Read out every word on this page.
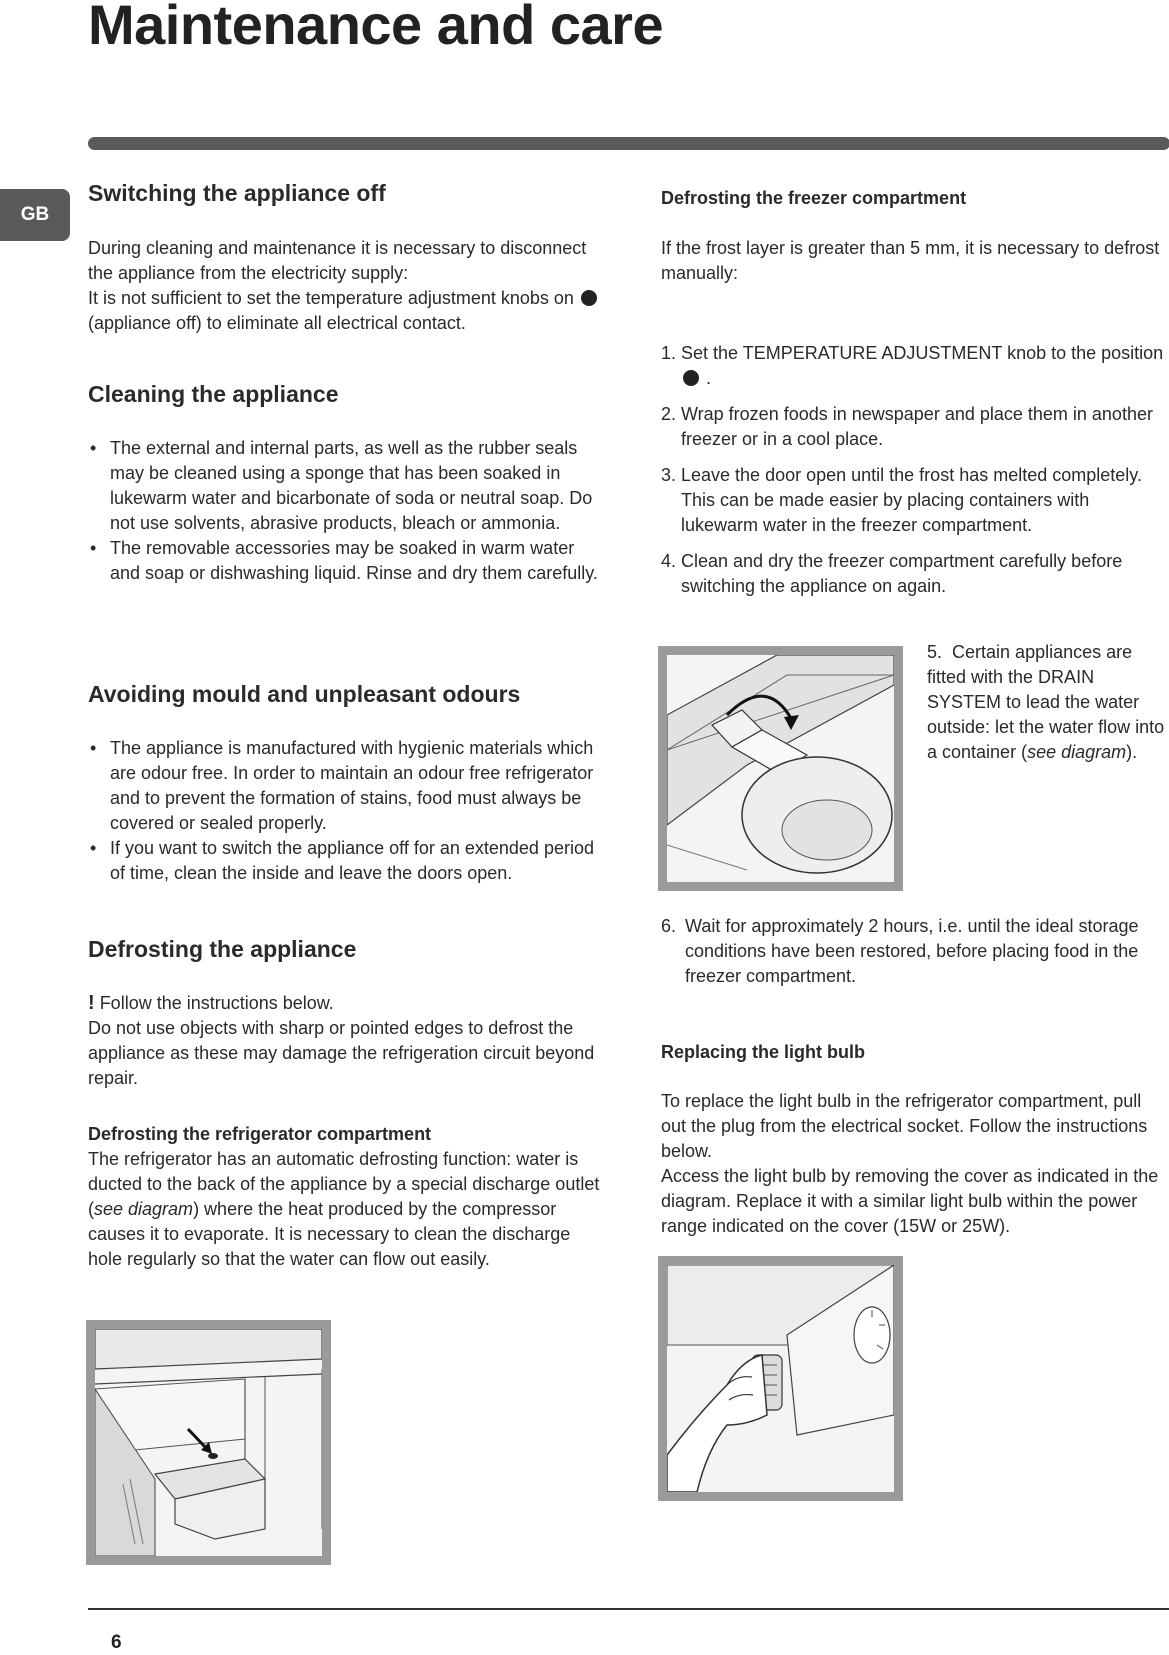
Maintenance and care
GB
Switching the appliance off

During cleaning and maintenance it is necessary to disconnect the appliance from the electricity supply:

It is not sufficient to set the temperature adjustment knobs on  (appliance off) to eliminate all electrical contact.

Cleaning the appliance
• The external and internal parts, as well as the rubber seals may be cleaned using a sponge that has been soaked in lukewarm water and bicarbonate of soda or neutral soap. Do not use solvents, abrasive products, bleach or ammonia.
• The removable accessories may be soaked in warm water and soap or dishwashing liquid. Rinse and dry them carefully.
Avoiding mould and unpleasant odours
• The appliance is manufactured with hygienic materials which are odour free. In order to maintain an odour free refrigerator and to prevent the formation of stains, food must always be covered or sealed properly.
• If you want to switch the appliance off for an extended period of time, clean the inside and leave the doors open.
Defrosting the appliance

! Follow the instructions below.

Do not use objects with sharp or pointed edges to defrost the appliance as these may damage the refrigeration circuit beyond repair.

Defrosting the refrigerator compartment

The refrigerator has an automatic defrosting function: water is ducted to the back of the appliance by a special discharge outlet (see diagram) where the heat produced by the compressor causes it to evaporate. It is necessary to clean the discharge hole regularly so that the water can flow out easily.

Defrosting the freezer compartment

If the frost layer is greater than 5 mm, it is necessary to defrost manually:

1. Set the TEMPERATURE ADJUSTMENT knob to the position  .
2. Wrap frozen foods in newspaper and place them in another freezer or in a cool place.
3. Leave the door open until the frost has melted completely. This can be made easier by placing containers with lukewarm water in the freezer compartment.
4. Clean and dry the freezer compartment carefully before switching the appliance on again.

5. Certain appliances are fitted with the DRAIN SYSTEM to lead the water outside: let the water flow into a container (see diagram).

6. Wait for approximately 2 hours, i.e. until the ideal storage conditions have been restored, before placing food in the freezer compartment.

Replacing the light bulb

To replace the light bulb in the refrigerator compartment, pull out the plug from the electrical socket. Follow the instructions below.

Access the light bulb by removing the cover as indicated in the diagram. Replace it with a similar light bulb within the power range indicated on the cover (15W or 25W).

6
